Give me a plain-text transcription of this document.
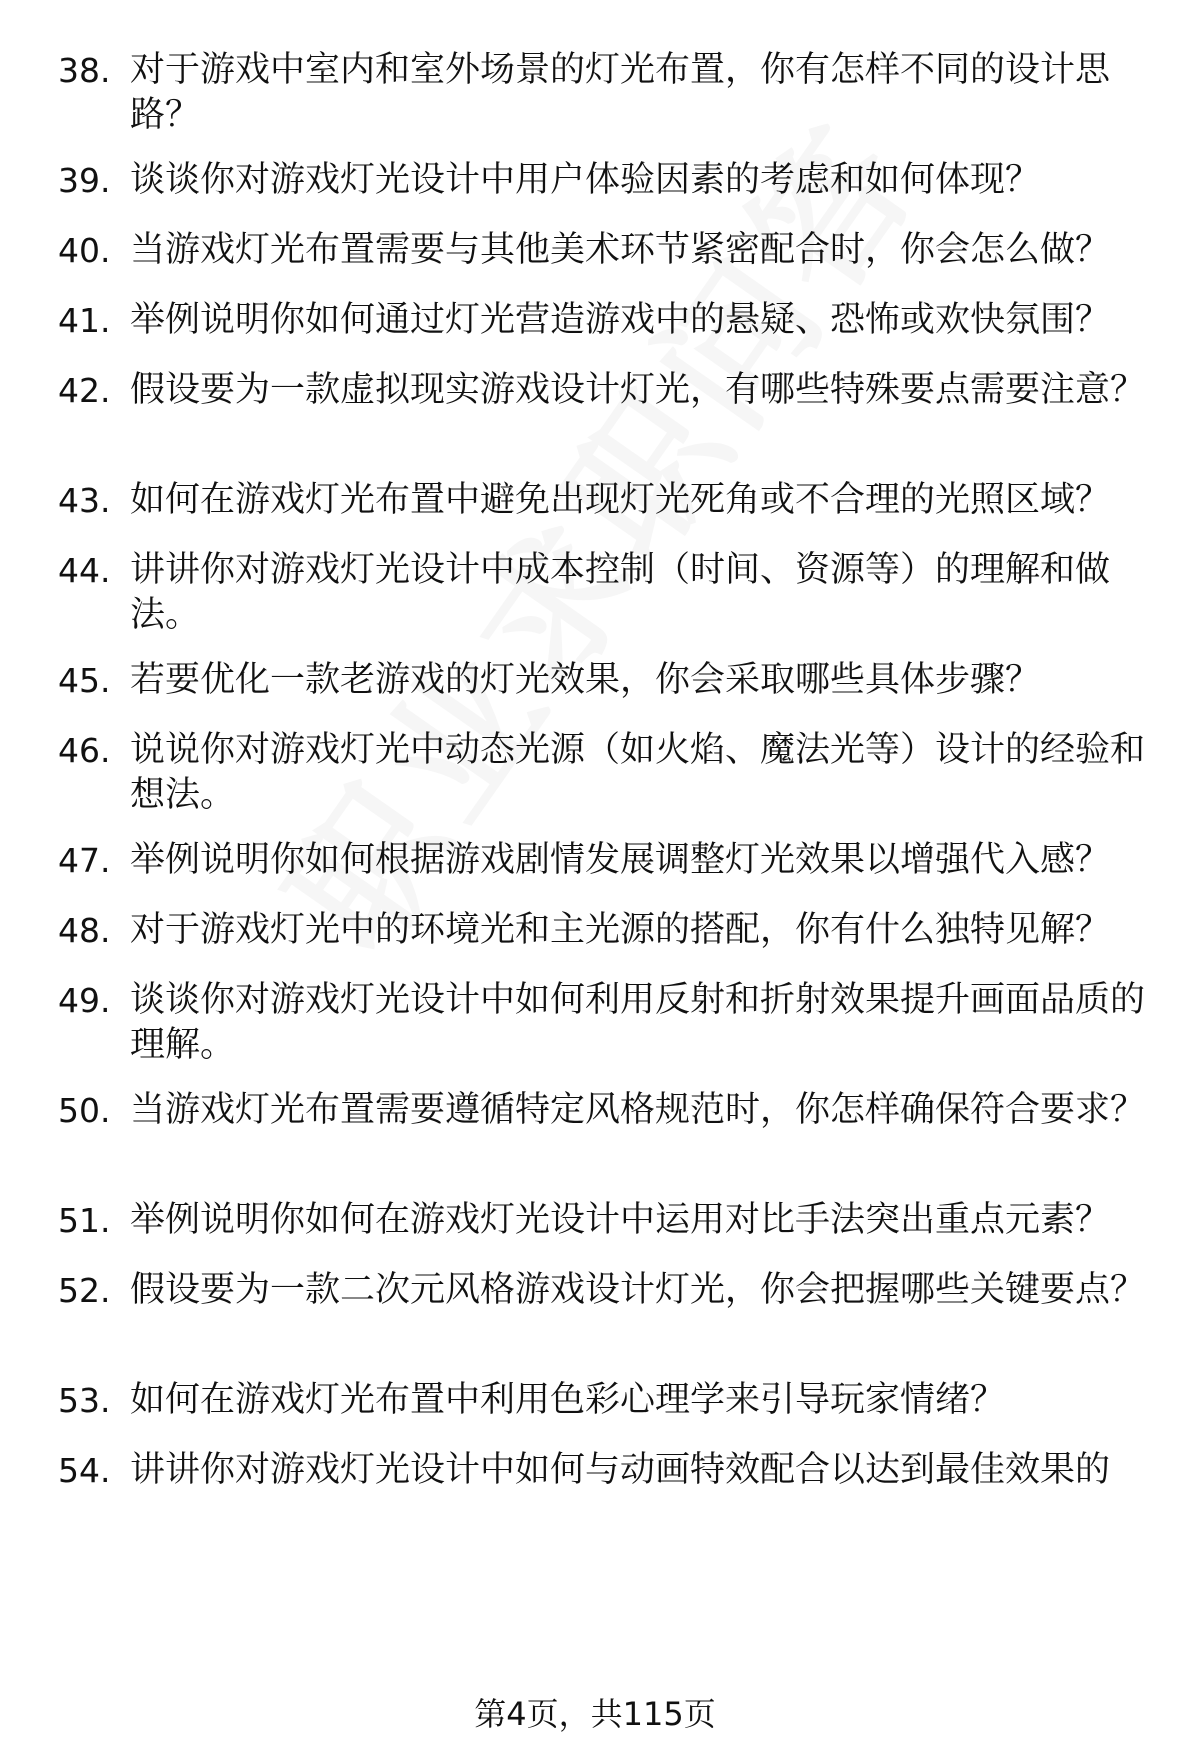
38. 对于游戏中室内和室外场景的灯光布置，你有怎样不同的设计思路？
39. 谈谈你对游戏灯光设计中用户体验因素的考虑和如何体现？
40. 当游戏灯光布置需要与其他美术环节紧密配合时，你会怎么做？
41. 举例说明你如何通过灯光营造游戏中的悬疑、恐怖或欢快氛围？
42. 假设要为一款虚拟现实游戏设计灯光，有哪些特殊要点需要注意？
43. 如何在游戏灯光布置中避免出现灯光死角或不合理的光照区域？
44. 讲讲你对游戏灯光设计中成本控制（时间、资源等）的理解和做法。
45. 若要优化一款老游戏的灯光效果，你会采取哪些具体步骤？
46. 说说你对游戏灯光中动态光源（如火焰、魔法光等）设计的经验和想法。
47. 举例说明你如何根据游戏剧情发展调整灯光效果以增强代入感？
48. 对于游戏灯光中的环境光和主光源的搭配，你有什么独特见解？
49. 谈谈你对游戏灯光设计中如何利用反射和折射效果提升画面品质的理解。
50. 当游戏灯光布置需要遵循特定风格规范时，你怎样确保符合要求？
51. 举例说明你如何在游戏灯光设计中运用对比手法突出重点元素？
52. 假设要为一款二次元风格游戏设计灯光，你会把握哪些关键要点？
53. 如何在游戏灯光布置中利用色彩心理学来引导玩家情绪？
54. 讲讲你对游戏灯光设计中如何与动画特效配合以达到最佳效果的
第4页，共115页
